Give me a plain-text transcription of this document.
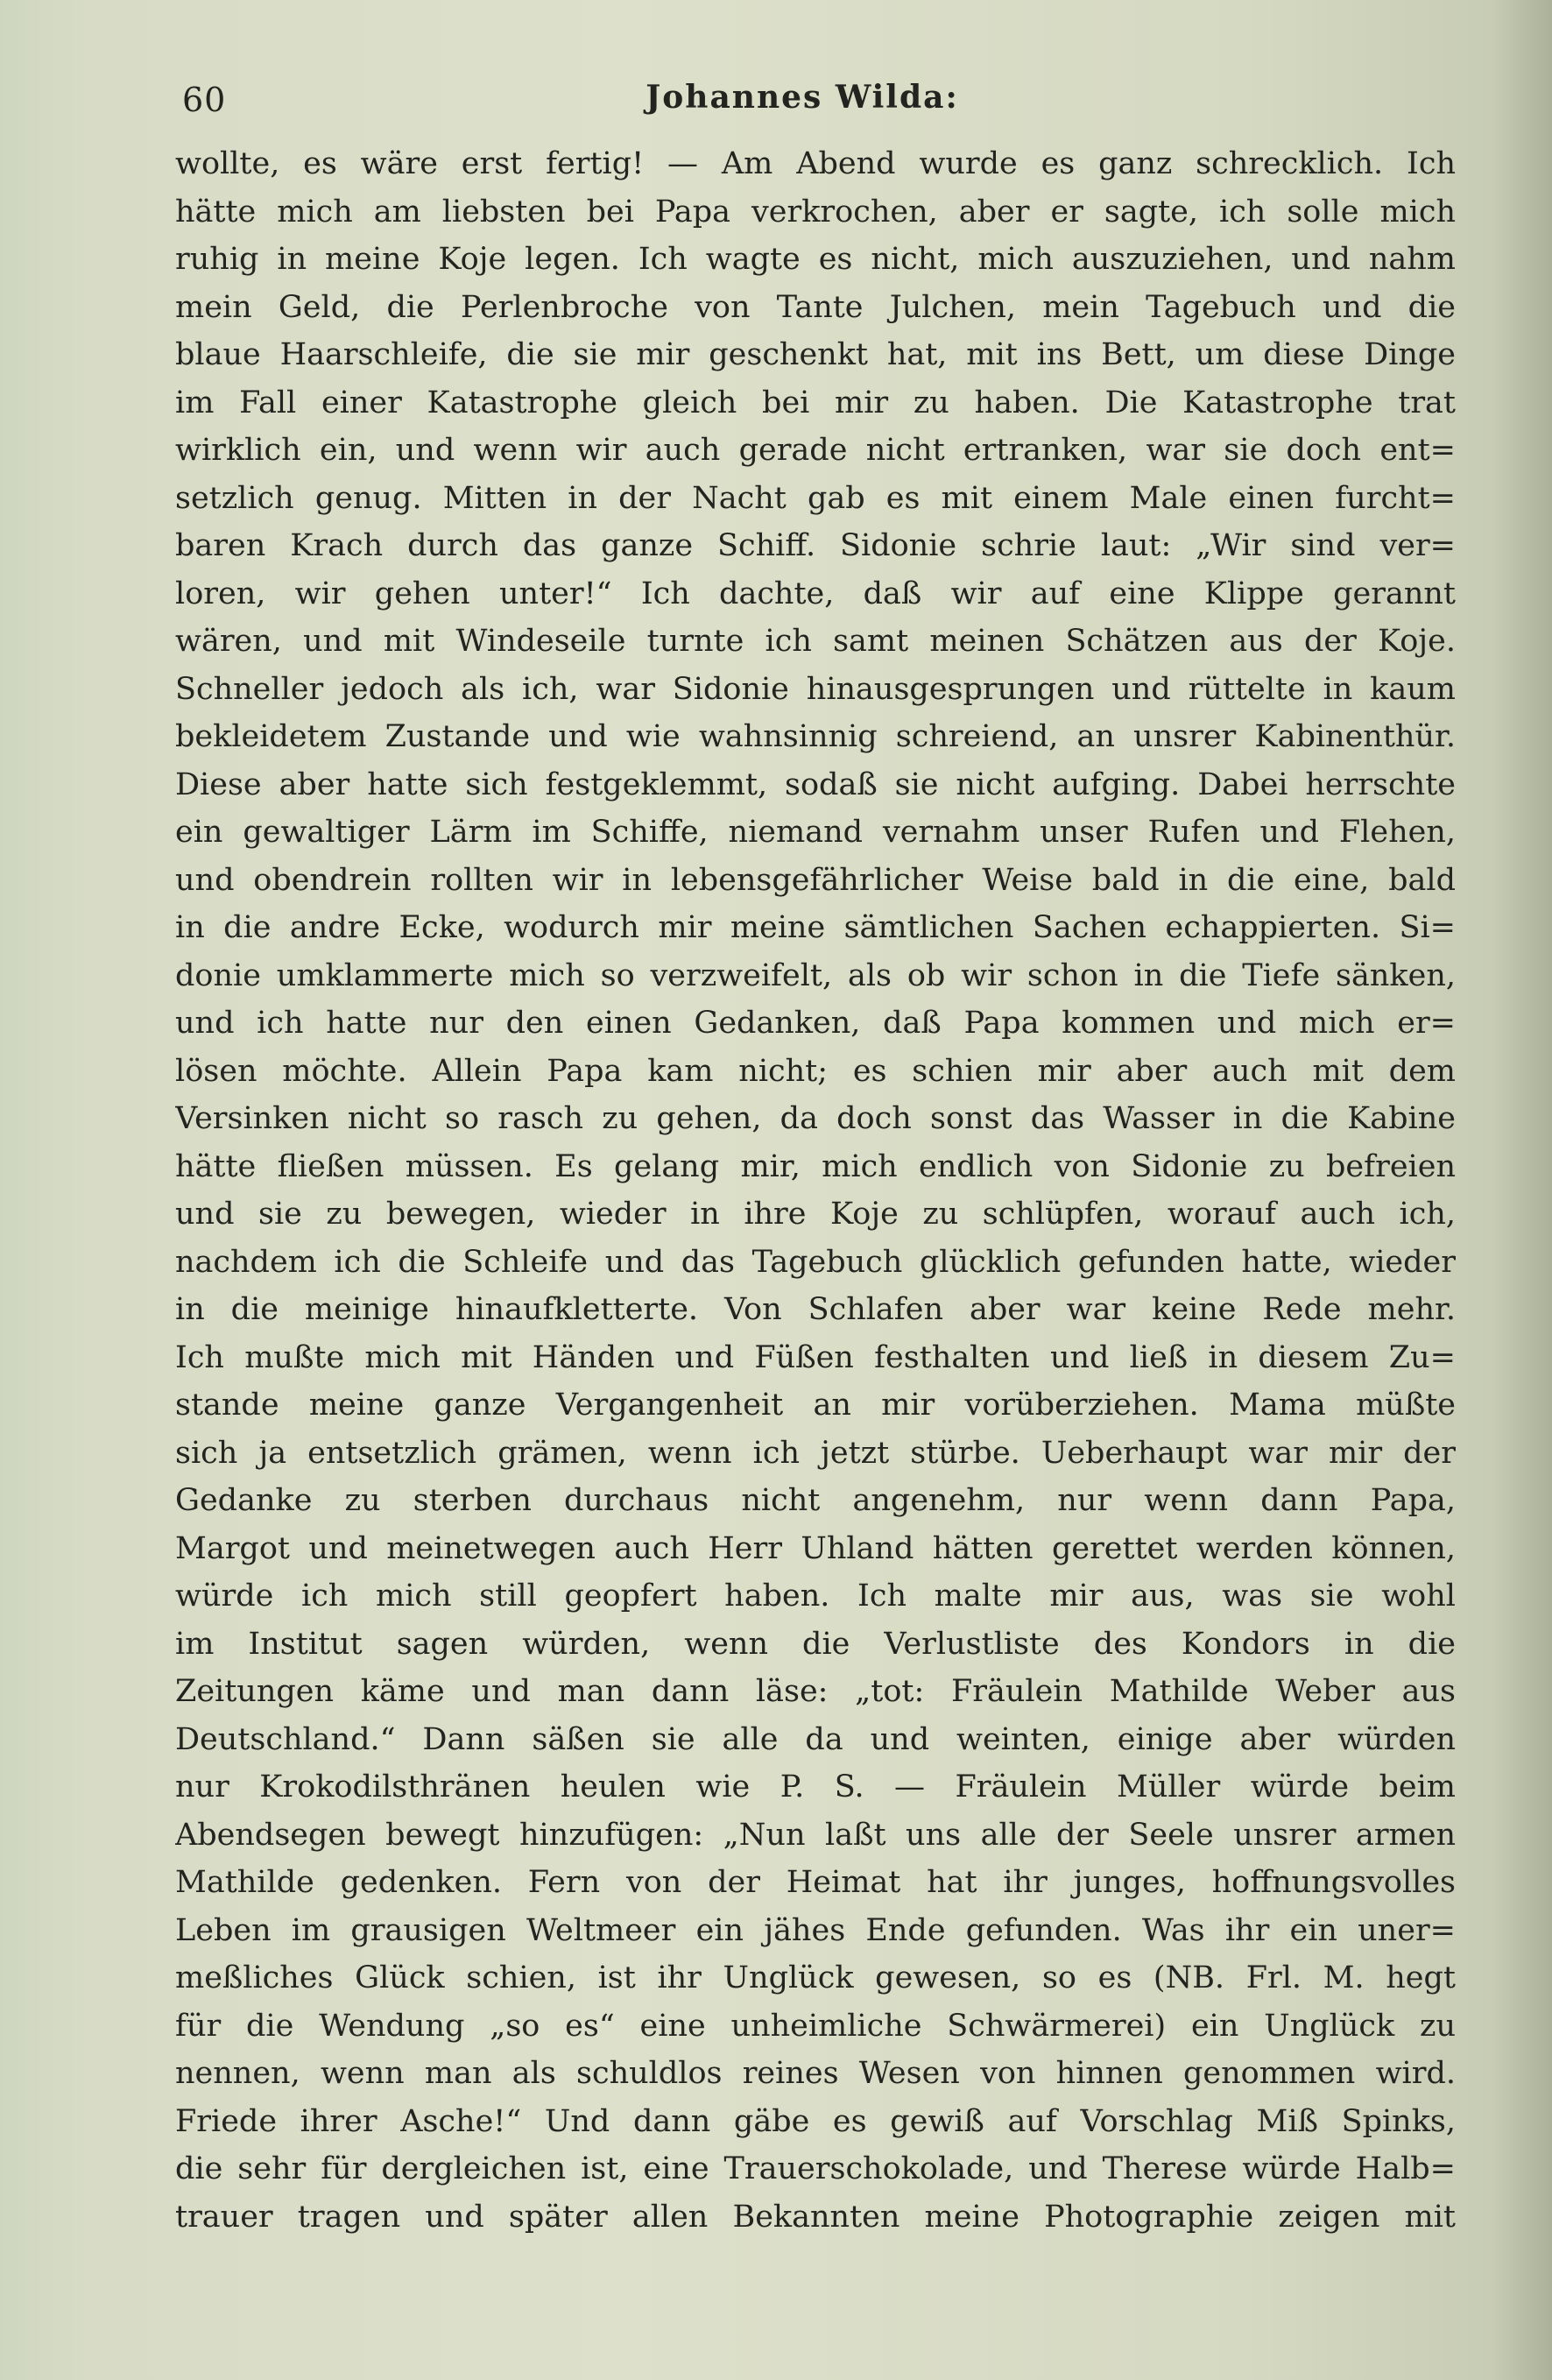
60	Johannes Wilda:
wollte, es wäre erst fertig! — Am Abend wurde es ganz schrecklich. Ich
hätte mich am liebsten bei Papa verkrochen, aber er sagte, ich solle mich
ruhig in meine Koje legen. Ich wagte es nicht, mich auszuziehen, und nahm
mein Geld, die Perlenbroche von Tante Julchen, mein Tagebuch und die
blaue Haarschleife, die sie mir geschenkt hat, mit ins Bett, um diese Dinge
im Fall einer Katastrophe gleich bei mir zu haben. Die Katastrophe trat
wirklich ein, und wenn wir auch gerade nicht ertranken, war sie doch ent=
setzlich genug. Mitten in der Nacht gab es mit einem Male einen furcht=
baren Krach durch das ganze Schiff. Sidonie schrie laut: „Wir sind ver=
loren, wir gehen unter!“ Ich dachte, daß wir auf eine Klippe gerannt
wären, und mit Windeseile turnte ich samt meinen Schätzen aus der Koje.
Schneller jedoch als ich, war Sidonie hinausgesprungen und rüttelte in kaum
bekleidetem Zustande und wie wahnsinnig schreiend, an unsrer Kabinenthür.
Diese aber hatte sich festgeklemmt, sodaß sie nicht aufging. Dabei herrschte
ein gewaltiger Lärm im Schiffe, niemand vernahm unser Rufen und Flehen,
und obendrein rollten wir in lebensgefährlicher Weise bald in die eine, bald
in die andre Ecke, wodurch mir meine sämtlichen Sachen echappierten. Si=
donie umklammerte mich so verzweifelt, als ob wir schon in die Tiefe sänken,
und ich hatte nur den einen Gedanken, daß Papa kommen und mich er=
lösen möchte. Allein Papa kam nicht; es schien mir aber auch mit dem
Versinken nicht so rasch zu gehen, da doch sonst das Wasser in die Kabine
hätte fließen müssen. Es gelang mir, mich endlich von Sidonie zu befreien
und sie zu bewegen, wieder in ihre Koje zu schlüpfen, worauf auch ich,
nachdem ich die Schleife und das Tagebuch glücklich gefunden hatte, wieder
in die meinige hinaufkletterte. Von Schlafen aber war keine Rede mehr.
Ich mußte mich mit Händen und Füßen festhalten und ließ in diesem Zu=
stande meine ganze Vergangenheit an mir vorüberziehen. Mama müßte
sich ja entsetzlich grämen, wenn ich jetzt stürbe. Ueberhaupt war mir der
Gedanke zu sterben durchaus nicht angenehm, nur wenn dann Papa,
Margot und meinetwegen auch Herr Uhland hätten gerettet werden können,
würde ich mich still geopfert haben. Ich malte mir aus, was sie wohl
im Institut sagen würden, wenn die Verlustliste des Kondors in die
Zeitungen käme und man dann läse: „tot: Fräulein Mathilde Weber aus
Deutschland.“ Dann säßen sie alle da und weinten, einige aber würden
nur Krokodilsthränen heulen wie P. S. — Fräulein Müller würde beim
Abendsegen bewegt hinzufügen: „Nun laßt uns alle der Seele unsrer armen
Mathilde gedenken. Fern von der Heimat hat ihr junges, hoffnungsvolles
Leben im grausigen Weltmeer ein jähes Ende gefunden. Was ihr ein uner=
meßliches Glück schien, ist ihr Unglück gewesen, so es (NB. Frl. M. hegt
für die Wendung „so es“ eine unheimliche Schwärmerei) ein Unglück zu
nennen, wenn man als schuldlos reines Wesen von hinnen genommen wird.
Friede ihrer Asche!“ Und dann gäbe es gewiß auf Vorschlag Miß Spinks,
die sehr für dergleichen ist, eine Trauerschokolade, und Therese würde Halb=
trauer tragen und später allen Bekannten meine Photographie zeigen mit
